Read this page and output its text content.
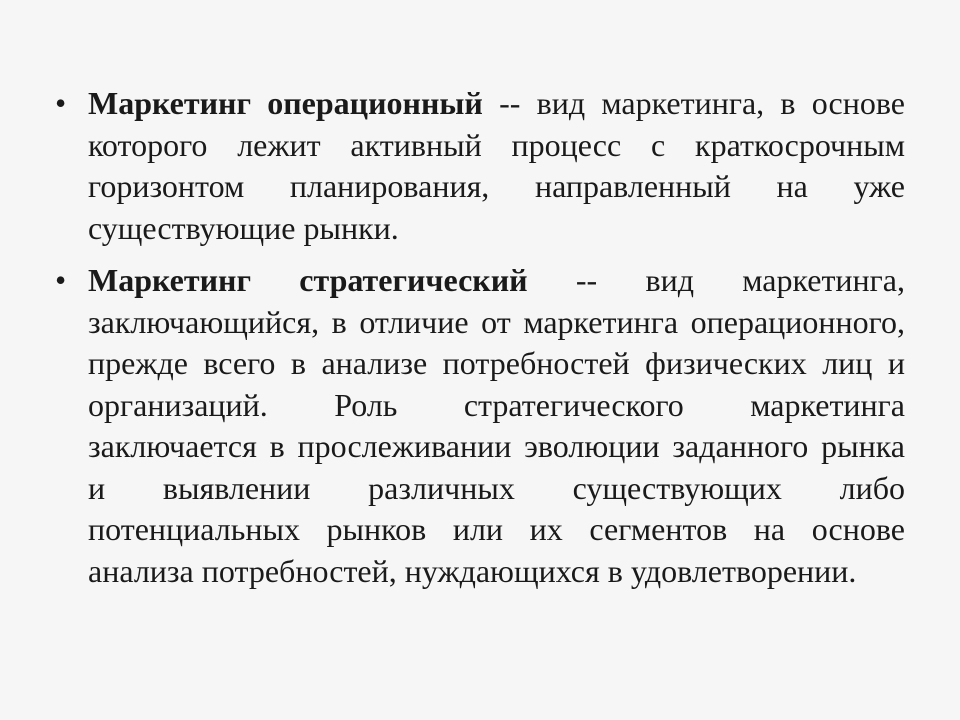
• Маркетинг операционный -- вид маркетинга, в основе которого лежит активный процесс с краткосрочным горизонтом планирования, направленный на уже существующие рынки.

• Маркетинг стратегический -- вид маркетинга, заключающийся, в отличие от маркетинга операционного, прежде всего в анализе потребностей физических лиц и организаций. Роль стратегического маркетинга заключается в прослеживании эволюции заданного рынка и выявлении различных существующих либо потенциальных рынков или их сегментов на основе анализа потребностей, нуждающихся в удовлетворении.
